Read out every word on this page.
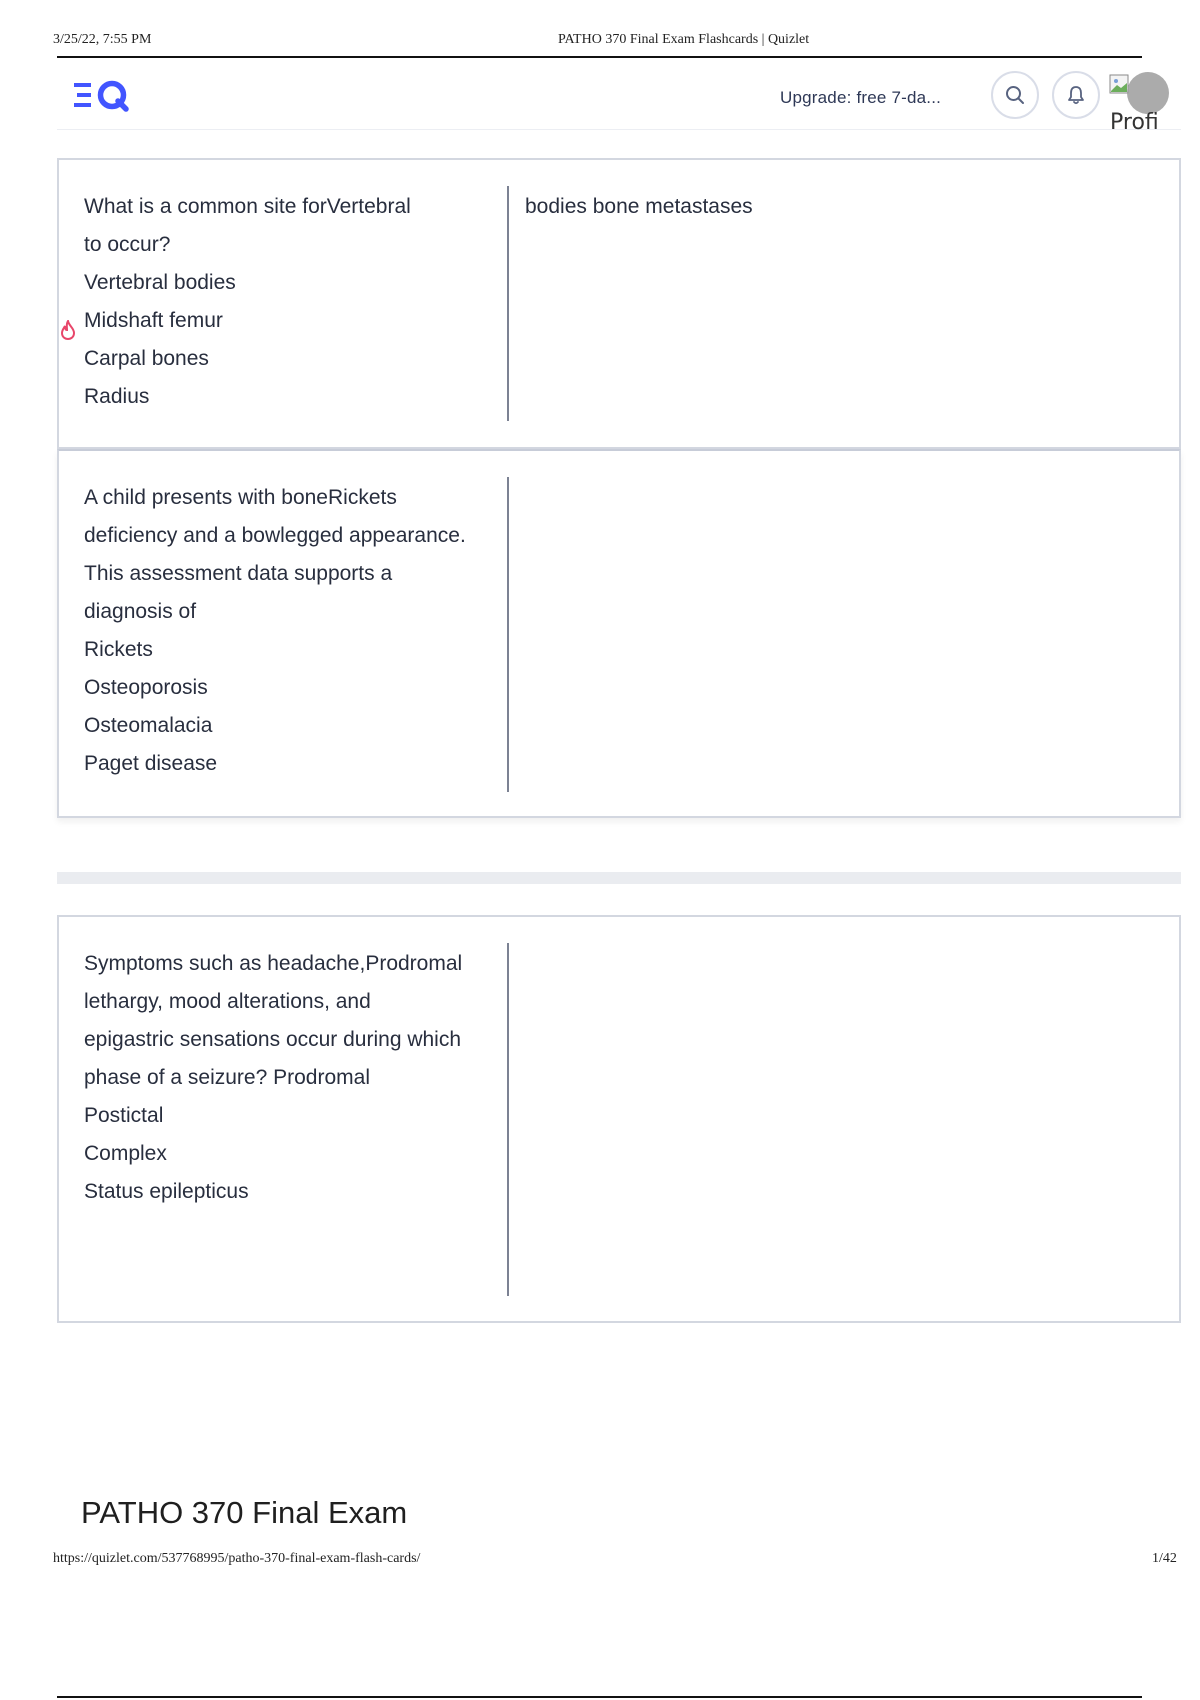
3/25/22, 7:55 PM	PATHO 370 Final Exam Flashcards | Quizlet
Upgrade: free 7-da...
Profi
What is a common site forVertebral
to occur?
Vertebral bodies
Midshaft femur
Carpal bones
Radius
bodies bone metastases
A child presents with boneRickets
deficiency and a bowlegged appearance.
This assessment data supports a
diagnosis of
Rickets
Osteoporosis
Osteomalacia
Paget disease
Symptoms such as headache,Prodromal
lethargy, mood alterations, and
epigastric sensations occur during which
phase of a seizure? Prodromal
Postictal
Complex
Status epilepticus
PATHO 370 Final Exam
https://quizlet.com/537768995/patho-370-final-exam-flash-cards/	1/42
